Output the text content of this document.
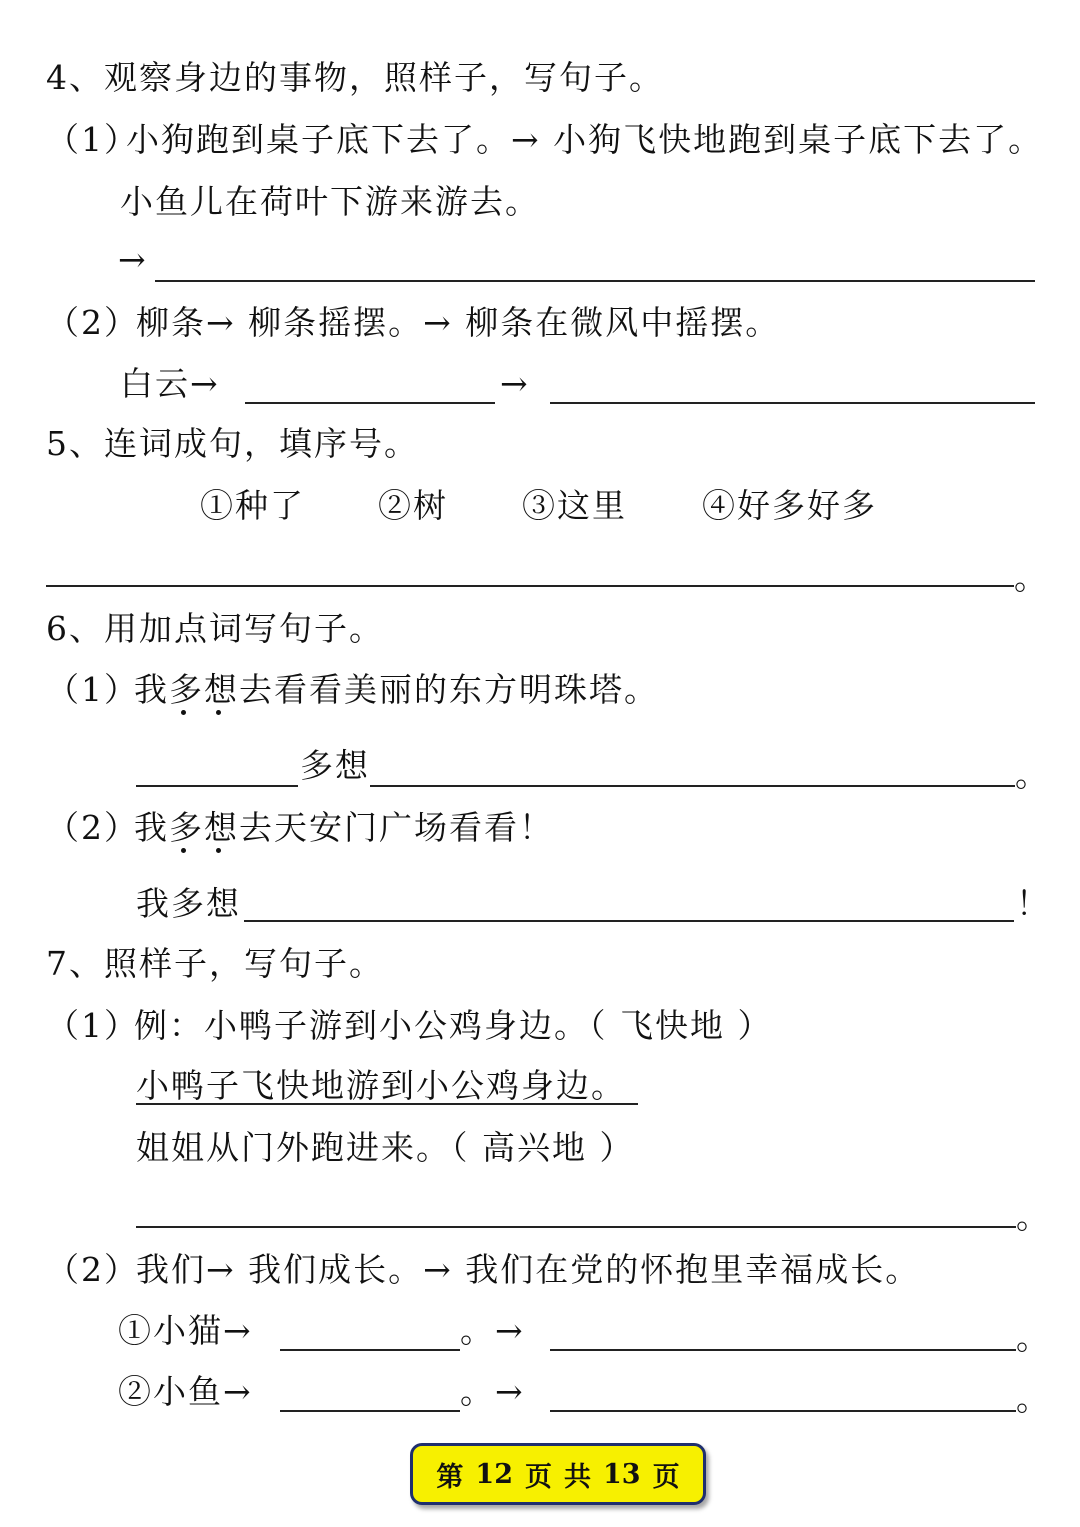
4、观察身边的事物，照样子，写句子。
（1）
小狗跑到桌子底下去了。→ 小狗飞快地跑到桌子底下去了。
小鱼儿在荷叶下游来游去。
→
（2）
柳条→ 柳条摇摆。→ 柳条在微风中摇摆。
白云→	→
5、连词成句，填序号。
①种了 ②树 ③这里 ④好多好多
。
6、用加点词写句子。
（1）
我多想去看看美丽的东方明珠塔。
多想	。
（2）
我多想去天安门广场看看！
我多想	！
7、照样子，写句子。
（1）
例：小鸭子游到小公鸡身边。（ 飞快地 ）
小鸭子飞快地游到小公鸡身边。
姐姐从门外跑进来。（ 高兴地 ）
。
（2）
我们→ 我们成长。→ 我们在党的怀抱里幸福成长。
①小猫→	。→	。
②小鱼→	。→	。
第 12 页 共 13 页
